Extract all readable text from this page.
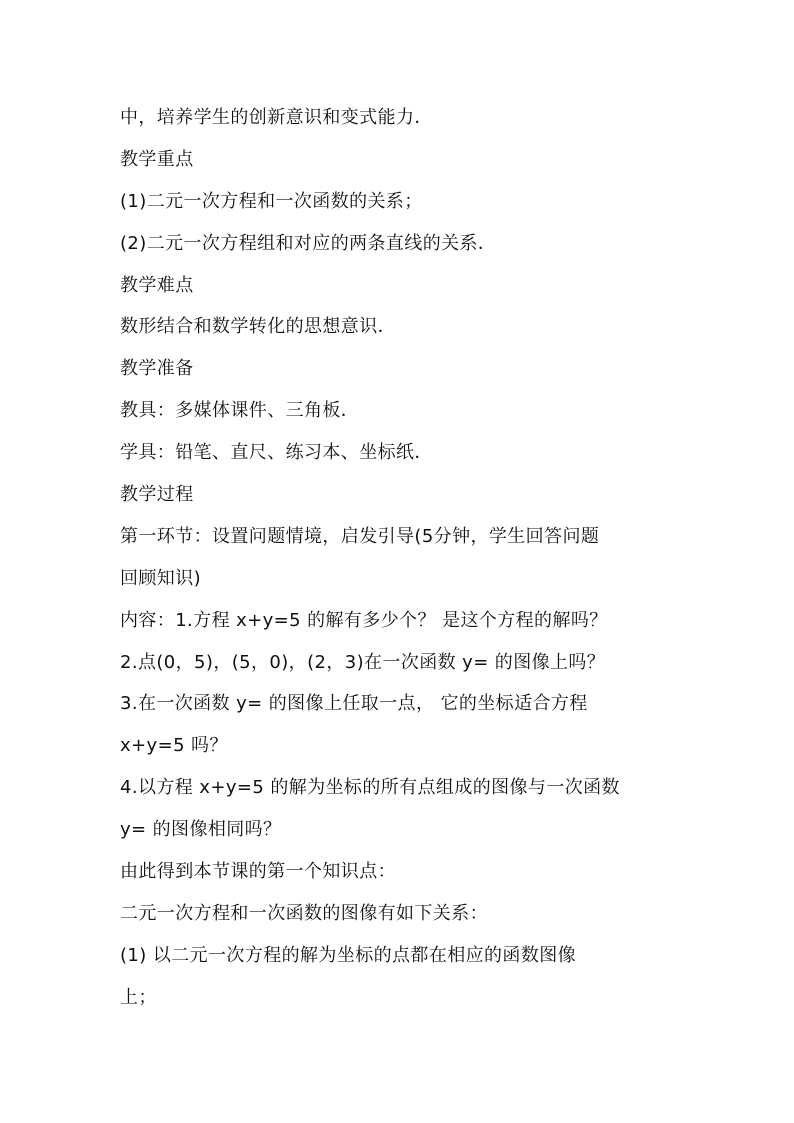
中，培养学生的创新意识和变式能力．
教学重点
(1)二元一次方程和一次函数的关系；
(2)二元一次方程组和对应的两条直线的关系．
教学难点
数形结合和数学转化的思想意识．
教学准备
教具：多媒体课件、三角板．
学具：铅笔、直尺、练习本、坐标纸．
教学过程
第一环节：设置问题情境，启发引导(5分钟，学生回答问题
回顾知识)
内容：1.方程 x+y=5 的解有多少个？ 是这个方程的解吗？
2.点(0，5)，(5，0)，(2，3)在一次函数 y= 的图像上吗？
3.在一次函数 y= 的图像上任取一点， 它的坐标适合方程
x+y=5 吗？
4.以方程 x+y=5 的解为坐标的所有点组成的图像与一次函数
y= 的图像相同吗？
由此得到本节课的第一个知识点：
二元一次方程和一次函数的图像有如下关系：
(1) 以二元一次方程的解为坐标的点都在相应的函数图像
上；
